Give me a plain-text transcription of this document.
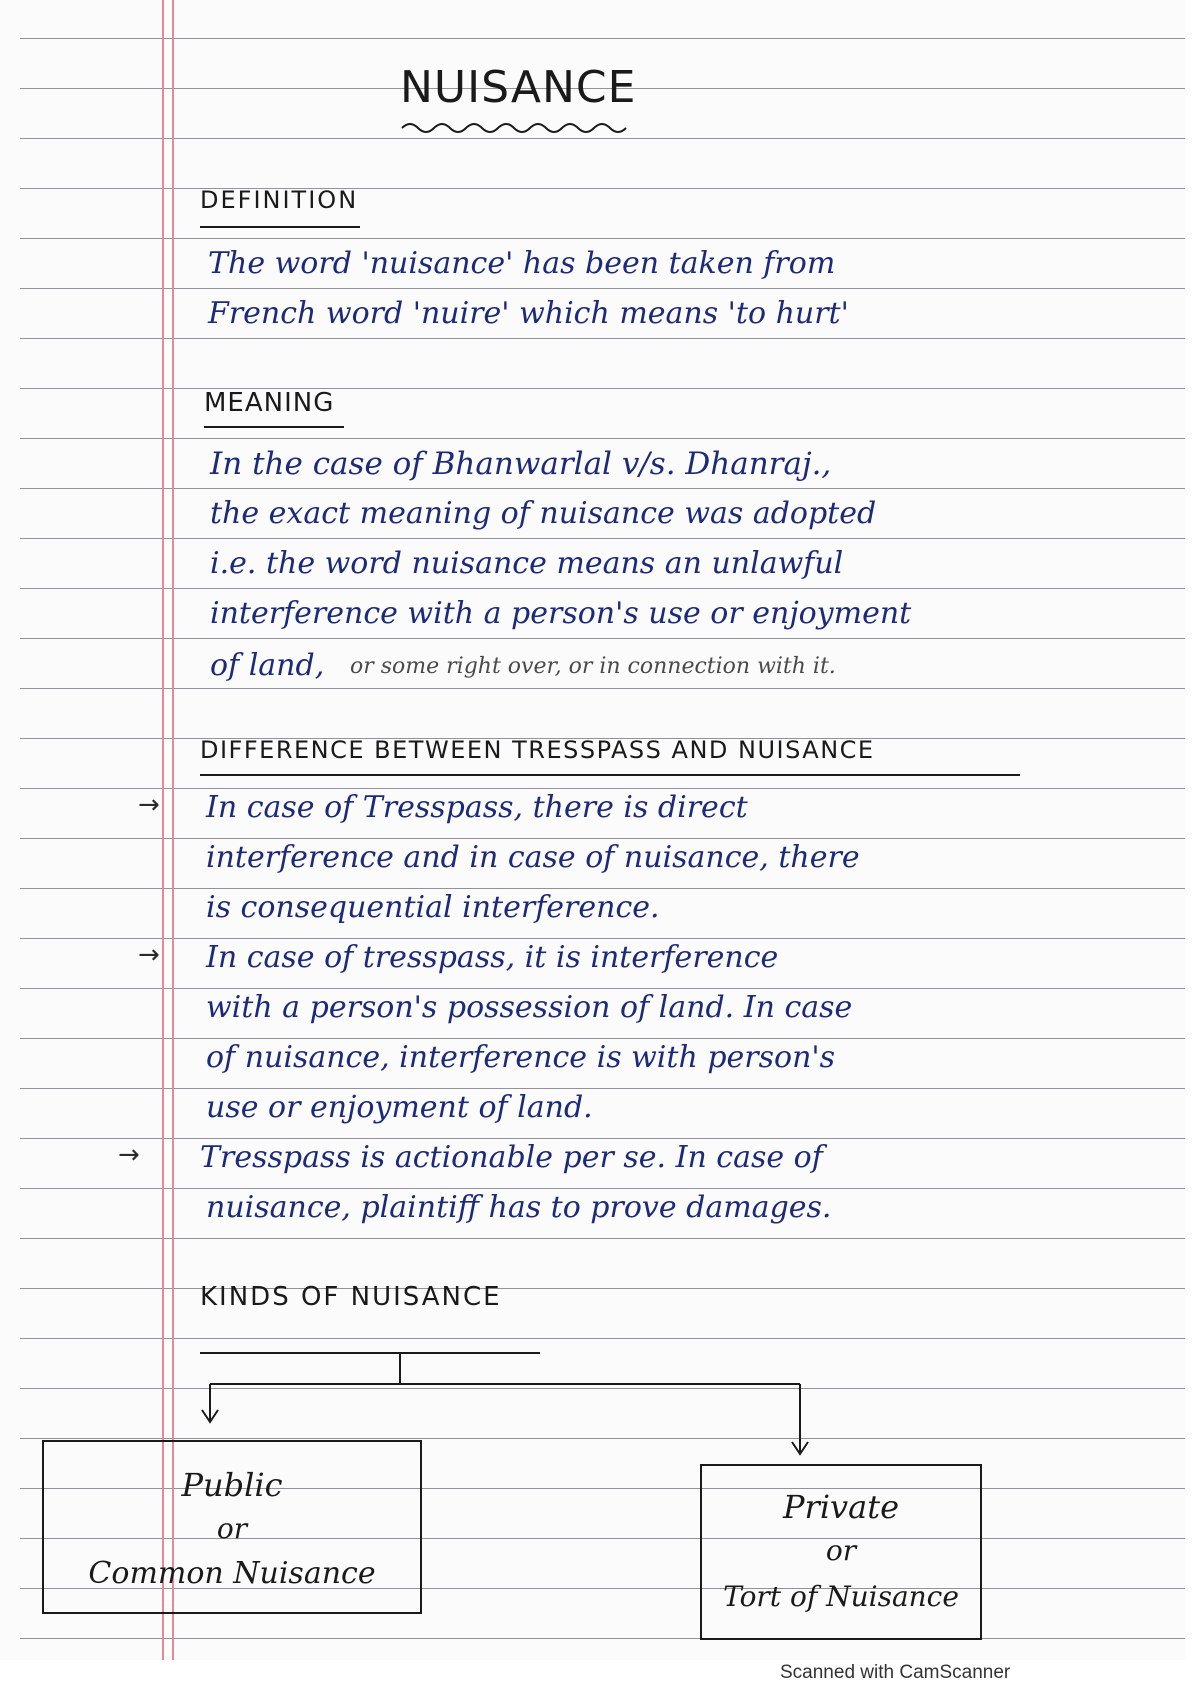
NUISANCE
DEFINITION
The word 'nuisance' has been taken from
French word 'nuire' which means 'to hurt'
MEANING
In the case of Bhanwarlal v/s. Dhanraj.,
the exact meaning of nuisance was adopted
i.e. the word nuisance means an unlawful
interference with a person's use or enjoyment
of land, or some right over, or in connection with it.
DIFFERENCE BETWEEN TRESSPASS AND NUISANCE
→ In case of Tresspass, there is direct
interference and in case of nuisance, there
is consequential interference.
→ In case of tresspass, it is interference
with a person's possession of land. In case
of nuisance, interference is with person's
use or enjoyment of land.
→ Tresspass is actionable per se. In case of
nuisance, plaintiff has to prove damages.
KINDS OF NUISANCE
Public
or
Common Nuisance
Private
or
Tort of Nuisance
Scanned with CamScanner
